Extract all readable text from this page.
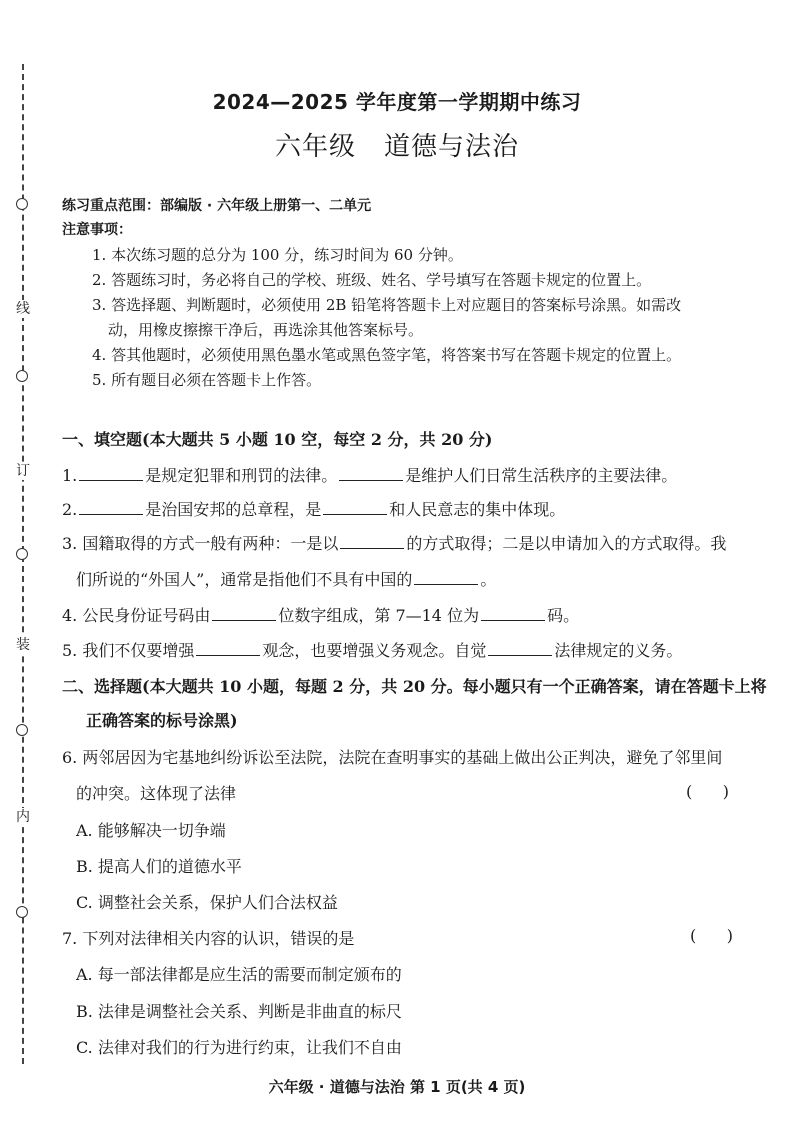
线
订
装
内
2024—2025 学年度第一学期期中练习
六年级 道德与法治
练习重点范围：部编版 · 六年级上册第一、二单元
注意事项：
1. 本次练习题的总分为 100 分，练习时间为 60 分钟。
2. 答题练习时，务必将自己的学校、班级、姓名、学号填写在答题卡规定的位置上。
3. 答选择题、判断题时，必须使用 2B 铅笔将答题卡上对应题目的答案标号涂黑。如需改
动，用橡皮擦擦干净后，再选涂其他答案标号。
4. 答其他题时，必须使用黑色墨水笔或黑色签字笔，将答案书写在答题卡规定的位置上。
5. 所有题目必须在答题卡上作答。
一、填空题(本大题共 5 小题 10 空，每空 2 分，共 20 分)
1.	是规定犯罪和刑罚的法律。	是维护人们日常生活秩序的主要法律。
2.	是治国安邦的总章程，是	和人民意志的集中体现。
3. 国籍取得的方式一般有两种：一是以	的方式取得；二是以申请加入的方式取得。我
们所说的“外国人”，通常是指他们不具有中国的	。
4. 公民身份证号码由	位数字组成，第 7—14 位为	码。
5. 我们不仅要增强	观念，也要增强义务观念。自觉	法律规定的义务。
二、选择题(本大题共 10 小题，每题 2 分，共 20 分。每小题只有一个正确答案，请在答题卡上将
正确答案的标号涂黑)
6. 两邻居因为宅基地纠纷诉讼至法院，法院在查明事实的基础上做出公正判决，避免了邻里间
的冲突。这体现了法律	(      )
A. 能够解决一切争端
B. 提高人们的道德水平
C. 调整社会关系，保护人们合法权益
7. 下列对法律相关内容的认识，错误的是	(      )
A. 每一部法律都是应生活的需要而制定颁布的
B. 法律是调整社会关系、判断是非曲直的标尺
C. 法律对我们的行为进行约束，让我们不自由
六年级 · 道德与法治 第 1 页(共 4 页)
